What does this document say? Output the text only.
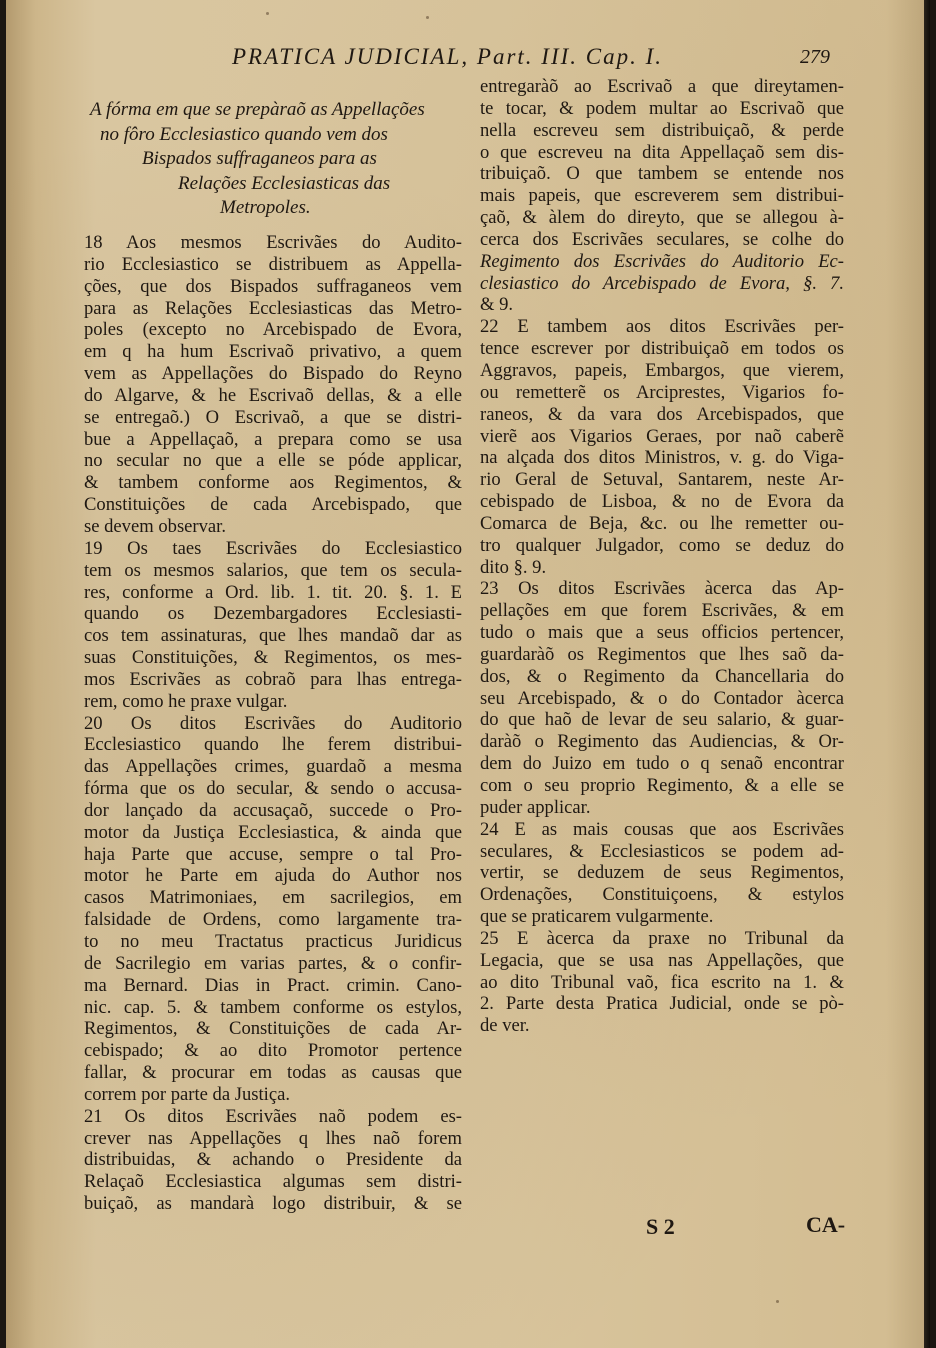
PRATICA JUDICIAL, Part. III. Cap. I.	279
A fórma em que se prepàraõ as Appellações
no fôro Ecclesiastico quando vem dos
Bispados suffraganeos para as
Relações Ecclesiasticas das
Metropoles.
18 Aos mesmos Escrivães do Audito-
rio Ecclesiastico se distribuem as Appella-
ções, que dos Bispados suffraganeos vem
para as Relações Ecclesiasticas das Metro-
poles (excepto no Arcebispado de Evora,
em q ha hum Escrivaõ privativo, a quem
vem as Appellações do Bispado do Reyno
do Algarve, & he Escrivaõ dellas, & a elle
se entregaõ.) O Escrivaõ, a que se distri-
bue a Appellaçaõ, a prepara como se usa
no secular no que a elle se póde applicar,
& tambem conforme aos Regimentos, &
Constituições de cada Arcebispado, que
se devem observar.
19 Os taes Escrivães do Ecclesiastico
tem os mesmos salarios, que tem os secula-
res, conforme a Ord. lib. 1. tit. 20. §. 1. E
quando os Dezembargadores Ecclesiasti-
cos tem assinaturas, que lhes mandaõ dar as
suas Constituições, & Regimentos, os mes-
mos Escrivães as cobraõ para lhas entrega-
rem, como he praxe vulgar.
20 Os ditos Escrivães do Auditorio
Ecclesiastico quando lhe ferem distribui-
das Appellações crimes, guardaõ a mesma
fórma que os do secular, & sendo o accusa-
dor lançado da accusaçaõ, succede o Pro-
motor da Justiça Ecclesiastica, & ainda que
haja Parte que accuse, sempre o tal Pro-
motor he Parte em ajuda do Author nos
casos Matrimoniaes, em sacrilegios, em
falsidade de Ordens, como largamente tra-
to no meu Tractatus practicus Juridicus
de Sacrilegio em varias partes, & o confir-
ma Bernard. Dias in Pract. crimin. Cano-
nic. cap. 5. & tambem conforme os estylos,
Regimentos, & Constituições de cada Ar-
cebispado; & ao dito Promotor pertence
fallar, & procurar em todas as causas que
correm por parte da Justiça.
21 Os ditos Escrivães naõ podem es-
crever nas Appellações q lhes naõ forem
distribuidas, & achando o Presidente da
Relaçaõ Ecclesiastica algumas sem distri-
buiçaõ, as mandarà logo distribuir, & se
entregaràõ ao Escrivaõ a que direytamen-
te tocar, & podem multar ao Escrivaõ que
nella escreveu sem distribuiçaõ, & perde
o que escreveu na dita Appellaçaõ sem dis-
tribuiçaõ. O que tambem se entende nos
mais papeis, que escreverem sem distribui-
çaõ, & àlem do direyto, que se allegou à-
cerca dos Escrivães seculares, se colhe do
Regimento dos Escrivães do Auditorio Ec-
clesiastico do Arcebispado de Evora, §. 7.
& 9.
22 E tambem aos ditos Escrivães per-
tence escrever por distribuiçaõ em todos os
Aggravos, papeis, Embargos, que vierem,
ou remetterẽ os Arciprestes, Vigarios fo-
raneos, & da vara dos Arcebispados, que
vierẽ aos Vigarios Geraes, por naõ caberẽ
na alçada dos ditos Ministros, v. g. do Viga-
rio Geral de Setuval, Santarem, neste Ar-
cebispado de Lisboa, & no de Evora da
Comarca de Beja, &c. ou lhe remetter ou-
tro qualquer Julgador, como se deduz do
dito §. 9.
23 Os ditos Escrivães àcerca das Ap-
pellações em que forem Escrivães, & em
tudo o mais que a seus officios pertencer,
guardaràõ os Regimentos que lhes saõ da-
dos, & o Regimento da Chancellaria do
seu Arcebispado, & o do Contador àcerca
do que haõ de levar de seu salario, & guar-
daràõ o Regimento das Audiencias, & Or-
dem do Juizo em tudo o q senaõ encontrar
com o seu proprio Regimento, & a elle se
puder applicar.
24 E as mais cousas que aos Escrivães
seculares, & Ecclesiasticos se podem ad-
vertir, se deduzem de seus Regimentos,
Ordenações, Constituiçoens, & estylos
que se praticarem vulgarmente.
25 E àcerca da praxe no Tribunal da
Legacia, que se usa nas Appellações, que
ao dito Tribunal vaõ, fica escrito na 1. &
2. Parte desta Pratica Judicial, onde se pò-
de ver.
S 2	CA-
